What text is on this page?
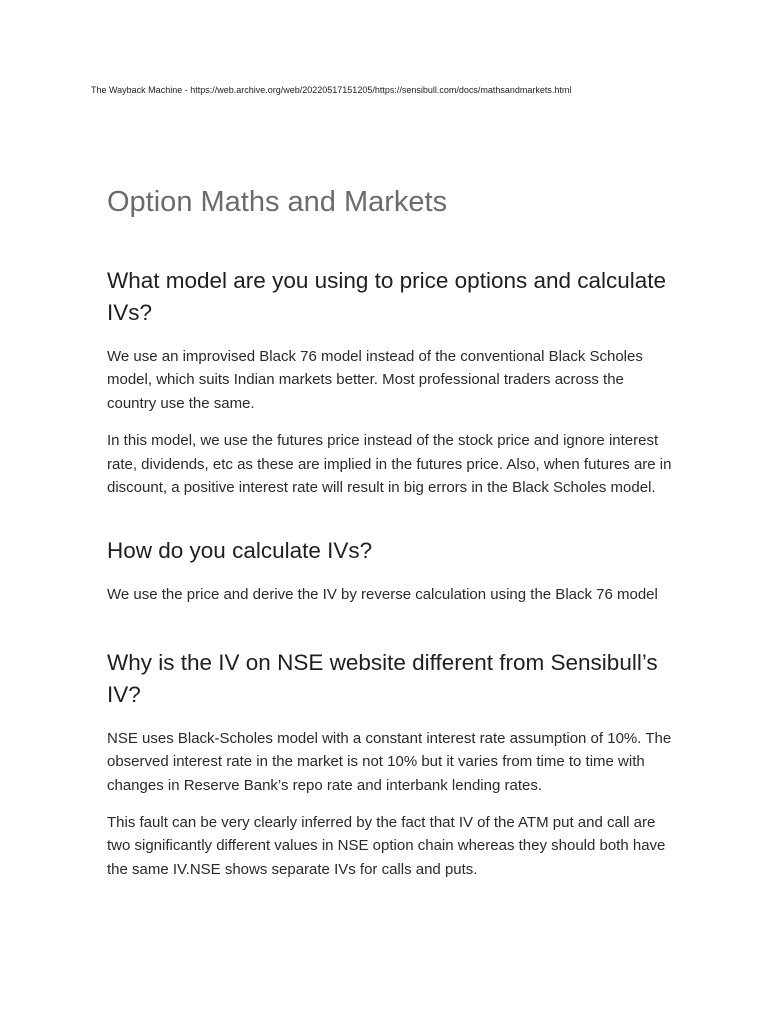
The Wayback Machine - https://web.archive.org/web/20220517151205/https://sensibull.com/docs/mathsandmarkets.html
Option Maths and Markets
What model are you using to price options and calculate IVs?

We use an improvised Black 76 model instead of the conventional Black Scholes model, which suits Indian markets better. Most professional traders across the country use the same.

In this model, we use the futures price instead of the stock price and ignore interest rate, dividends, etc as these are implied in the futures price. Also, when futures are in discount, a positive interest rate will result in big errors in the Black Scholes model.

How do you calculate IVs?

We use the price and derive the IV by reverse calculation using the Black 76 model

Why is the IV on NSE website different from Sensibull’s IV?

NSE uses Black-Scholes model with a constant interest rate assumption of 10%. The observed interest rate in the market is not 10% but it varies from time to time with changes in Reserve Bank’s repo rate and interbank lending rates.

This fault can be very clearly inferred by the fact that IV of the ATM put and call are two significantly different values in NSE option chain whereas they should both have the same IV.NSE shows separate IVs for calls and puts.
